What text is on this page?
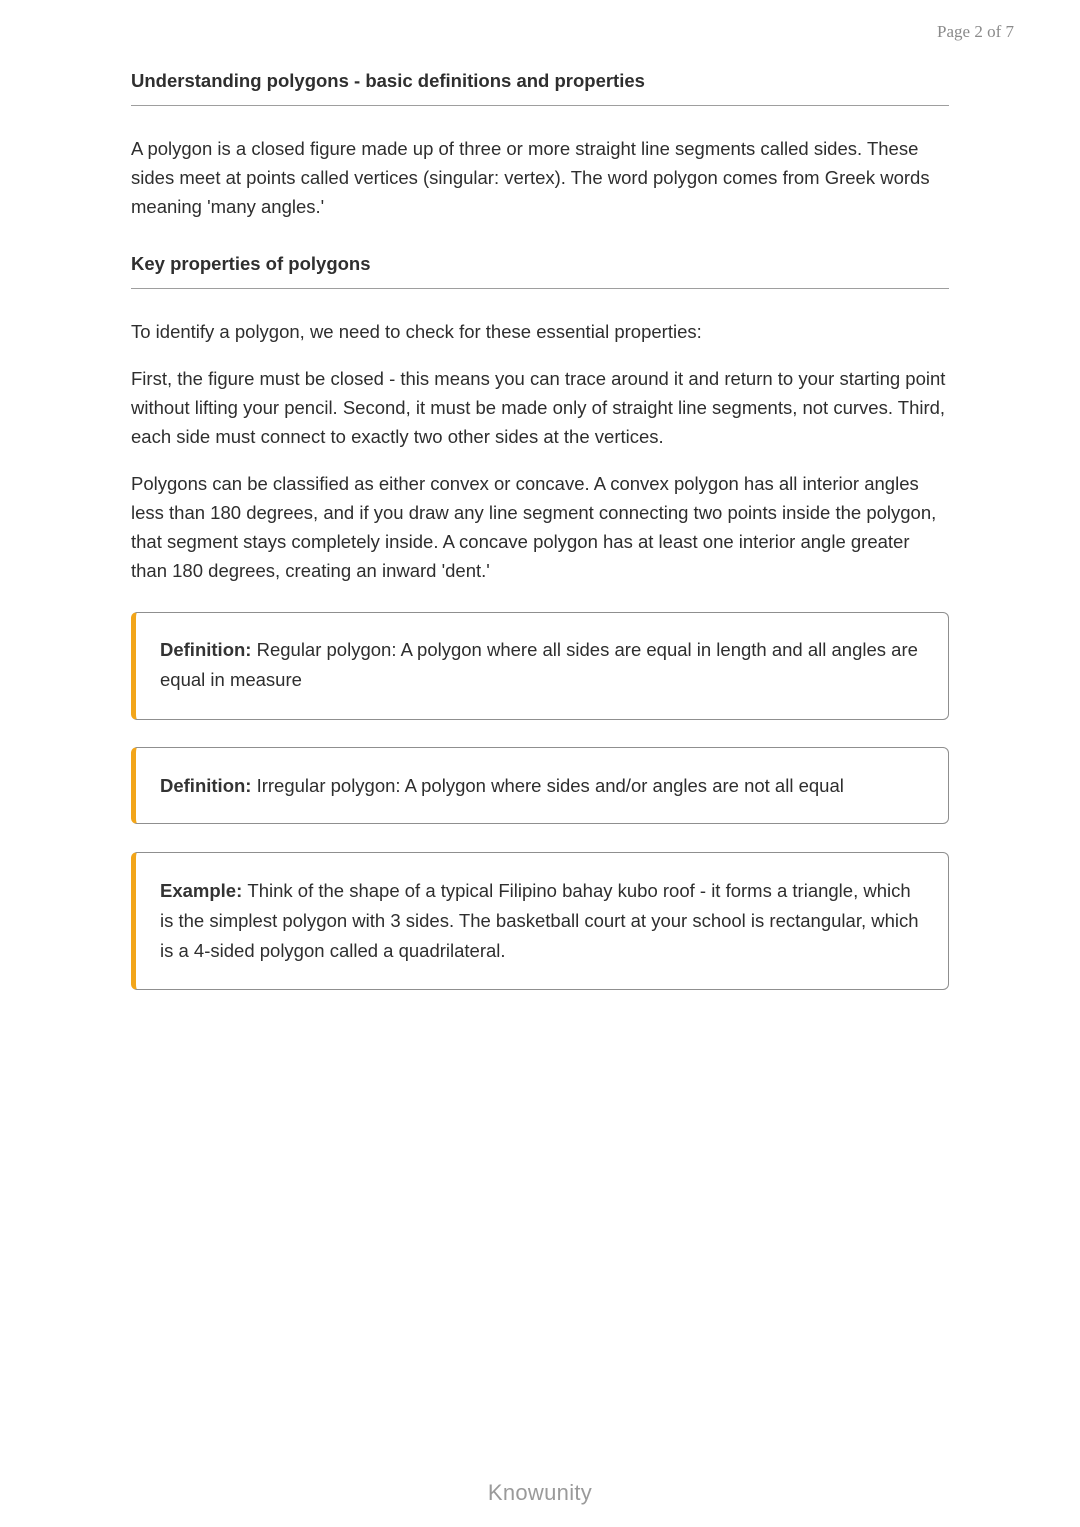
Page 2 of 7
Understanding polygons - basic definitions and properties

A polygon is a closed figure made up of three or more straight line segments called sides. These sides meet at points called vertices (singular: vertex). The word polygon comes from Greek words meaning 'many angles.'

Key properties of polygons

To identify a polygon, we need to check for these essential properties:

First, the figure must be closed - this means you can trace around it and return to your starting point without lifting your pencil. Second, it must be made only of straight line segments, not curves. Third, each side must connect to exactly two other sides at the vertices.

Polygons can be classified as either convex or concave. A convex polygon has all interior angles less than 180 degrees, and if you draw any line segment connecting two points inside the polygon, that segment stays completely inside. A concave polygon has at least one interior angle greater than 180 degrees, creating an inward 'dent.'

Definition: Regular polygon: A polygon where all sides are equal in length and all angles are equal in measure
Definition: Irregular polygon: A polygon where sides and/or angles are not all equal
Example: Think of the shape of a typical Filipino bahay kubo roof - it forms a triangle, which is the simplest polygon with 3 sides. The basketball court at your school is rectangular, which is a 4-sided polygon called a quadrilateral.
Knowunity
